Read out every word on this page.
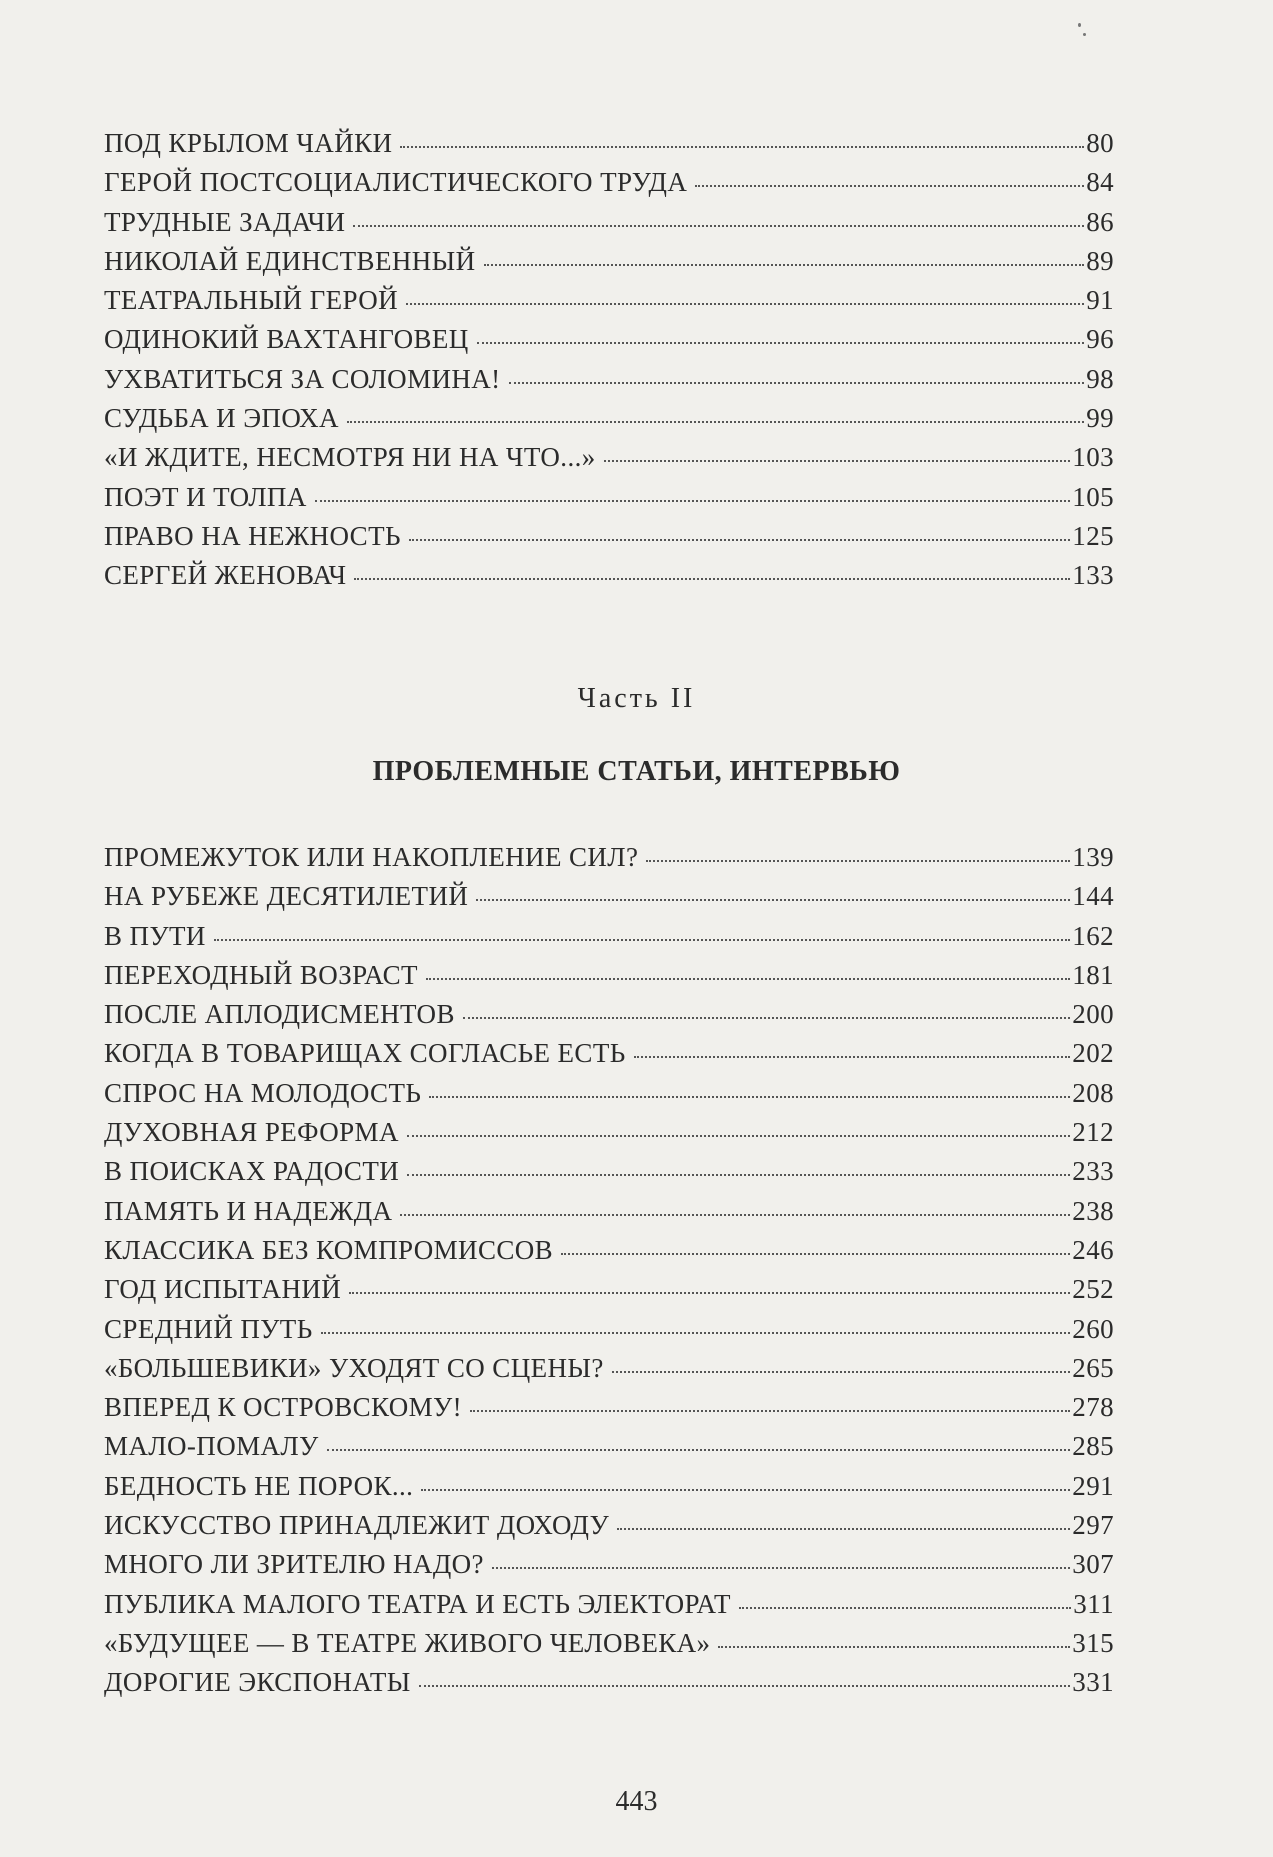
ПОД КРЫЛОМ ЧАЙКИ	80
ГЕРОЙ ПОСТСОЦИАЛИСТИЧЕСКОГО ТРУДА	84
ТРУДНЫЕ ЗАДАЧИ	86
НИКОЛАЙ ЕДИНСТВЕННЫЙ	89
ТЕАТРАЛЬНЫЙ ГЕРОЙ	91
ОДИНОКИЙ ВАХТАНГОВЕЦ	96
УХВАТИТЬСЯ ЗА СОЛОМИНА!	98
СУДЬБА И ЭПОХА	99
«И ЖДИТЕ, НЕСМОТРЯ НИ НА ЧТО...»	103
ПОЭТ И ТОЛПА	105
ПРАВО НА НЕЖНОСТЬ	125
СЕРГЕЙ ЖЕНОВАЧ	133
Часть II
ПРОБЛЕМНЫЕ СТАТЬИ, ИНТЕРВЬЮ
ПРОМЕЖУТОК ИЛИ НАКОПЛЕНИЕ СИЛ?	139
НА РУБЕЖЕ ДЕСЯТИЛЕТИЙ	144
В ПУТИ	162
ПЕРЕХОДНЫЙ ВОЗРАСТ	181
ПОСЛЕ АПЛОДИСМЕНТОВ	200
КОГДА В ТОВАРИЩАХ СОГЛАСЬЕ ЕСТЬ	202
СПРОС НА МОЛОДОСТЬ	208
ДУХОВНАЯ РЕФОРМА	212
В ПОИСКАХ РАДОСТИ	233
ПАМЯТЬ И НАДЕЖДА	238
КЛАССИКА БЕЗ КОМПРОМИССОВ	246
ГОД ИСПЫТАНИЙ	252
СРЕДНИЙ ПУТЬ	260
«БОЛЬШЕВИКИ» УХОДЯТ СО СЦЕНЫ?	265
ВПЕРЕД К ОСТРОВСКОМУ!	278
МАЛО-ПОМАЛУ	285
БЕДНОСТЬ НЕ ПОРОК...	291
ИСКУССТВО ПРИНАДЛЕЖИТ ДОХОДУ	297
МНОГО ЛИ ЗРИТЕЛЮ НАДО?	307
ПУБЛИКА МАЛОГО ТЕАТРА И ЕСТЬ ЭЛЕКТОРАТ	311
«БУДУЩЕЕ — В ТЕАТРЕ ЖИВОГО ЧЕЛОВЕКА»	315
ДОРОГИЕ ЭКСПОНАТЫ	331
443
